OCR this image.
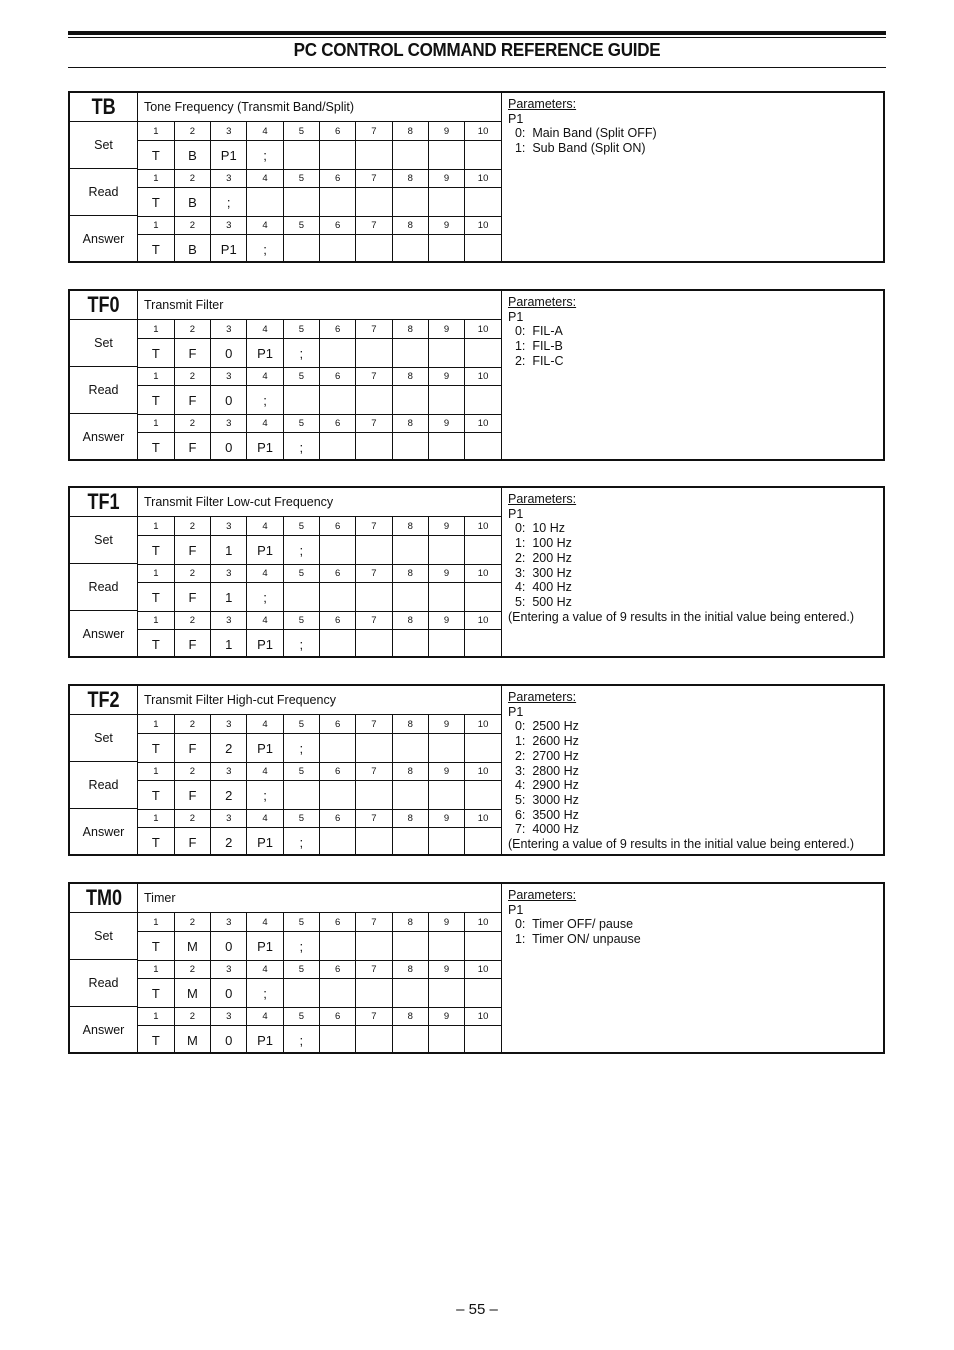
PC CONTROL COMMAND REFERENCE GUIDE
TB	Tone Frequency (Transmit Band/Split)
Set
1	2	3	4	5	6	7	8	9	10
T	B	P1	;						
Read
1	2	3	4	5	6	7	8	9	10
T	B	;							
Answer
1	2	3	4	5	6	7	8	9	10
T	B	P1	;						
Parameters:
P1
0:  Main Band (Split OFF)
1:  Sub Band (Split ON)
TF0	Transmit Filter
Set
1	2	3	4	5	6	7	8	9	10
T	F	0	P1	;					
Read
1	2	3	4	5	6	7	8	9	10
T	F	0	;						
Answer
1	2	3	4	5	6	7	8	9	10
T	F	0	P1	;					
Parameters:
P1
0:  FIL-A
1:  FIL-B
2:  FIL-C
TF1	Transmit Filter Low-cut Frequency
Set
1	2	3	4	5	6	7	8	9	10
T	F	1	P1	;					
Read
1	2	3	4	5	6	7	8	9	10
T	F	1	;						
Answer
1	2	3	4	5	6	7	8	9	10
T	F	1	P1	;					
Parameters:
P1
0:  10 Hz
1:  100 Hz
2:  200 Hz
3:  300 Hz
4:  400 Hz
5:  500 Hz
(Entering a value of 9 results in the initial value being entered.)
TF2	Transmit Filter High-cut Frequency
Set
1	2	3	4	5	6	7	8	9	10
T	F	2	P1	;					
Read
1	2	3	4	5	6	7	8	9	10
T	F	2	;						
Answer
1	2	3	4	5	6	7	8	9	10
T	F	2	P1	;					
Parameters:
P1
0:  2500 Hz
1:  2600 Hz
2:  2700 Hz
3:  2800 Hz
4:  2900 Hz
5:  3000 Hz
6:  3500 Hz
7:  4000 Hz
(Entering a value of 9 results in the initial value being entered.)
TM0	Timer
Set
1	2	3	4	5	6	7	8	9	10
T	M	0	P1	;					
Read
1	2	3	4	5	6	7	8	9	10
T	M	0	;						
Answer
1	2	3	4	5	6	7	8	9	10
T	M	0	P1	;					
Parameters:
P1
0:  Timer OFF/ pause
1:  Timer ON/ unpause
– 55 –
